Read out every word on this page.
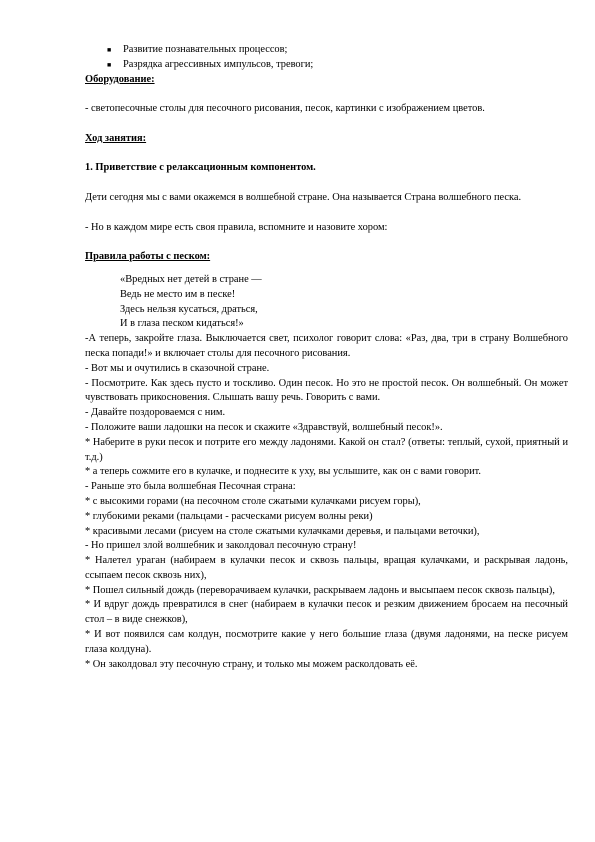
■	Развитие познавательных процессов;
■	Разрядка агрессивных импульсов, тревоги;

Оборудование:

- светопесочные столы для песочного рисования, песок, картинки с изображением цветов.

Ход занятия:

1. Приветствие с релаксационным компонентом.

Дети сегодня мы с вами окажемся в волшебной стране. Она называется Страна волшебного песка.

- Но в каждом мире есть своя правила, вспомните и назовите хором:

Правила работы с песком:

«Вредных нет детей в стране —

Ведь не место им в песке!

Здесь нельзя кусаться, драться,

И в глаза песком кидаться!»

-А теперь, закройте глаза. Выключается свет, психолог говорит слова: «Раз, два, три в страну Волшебного песка попади!» и включает столы для песочного рисования.

- Вот мы и очутились в сказочной стране.

- Посмотрите. Как здесь пусто и тоскливо. Один песок. Но это не простой песок. Он волшебный. Он может чувствовать прикосновения. Слышать вашу речь. Говорить с вами.

- Давайте поздороваемся с ним.

- Положите ваши ладошки на песок и скажите «Здравствуй, волшебный песок!».

* Наберите в руки песок и потрите его между ладонями. Какой он стал? (ответы: теплый, сухой, приятный и т.д.)

* а теперь сожмите его в кулачке, и поднесите к уху, вы услышите, как он с вами говорит.

- Раньше это была волшебная Песочная страна:

* с высокими горами (на песочном столе сжатыми кулачками рисуем горы),

* глубокими реками (пальцами - расческами рисуем волны реки)

* красивыми лесами (рисуем на столе сжатыми кулачками деревья, и пальцами веточки),

- Но пришел злой волшебник и заколдовал песочную страну!

* Налетел ураган (набираем в кулачки песок и сквозь пальцы, вращая кулачками, и раскрывая ладонь, ссыпаем песок сквозь них),

* Пошел сильный дождь (переворачиваем кулачки, раскрываем ладонь и высыпаем песок сквозь пальцы),

* И вдруг дождь превратился в снег (набираем в кулачки песок и резким движением бросаем на песочный стол – в виде снежков),

* И вот появился сам колдун, посмотрите какие у него большие глаза (двумя ладонями, на песке рисуем глаза колдуна).

* Он заколдовал эту песочную страну, и только мы можем расколдовать её.
